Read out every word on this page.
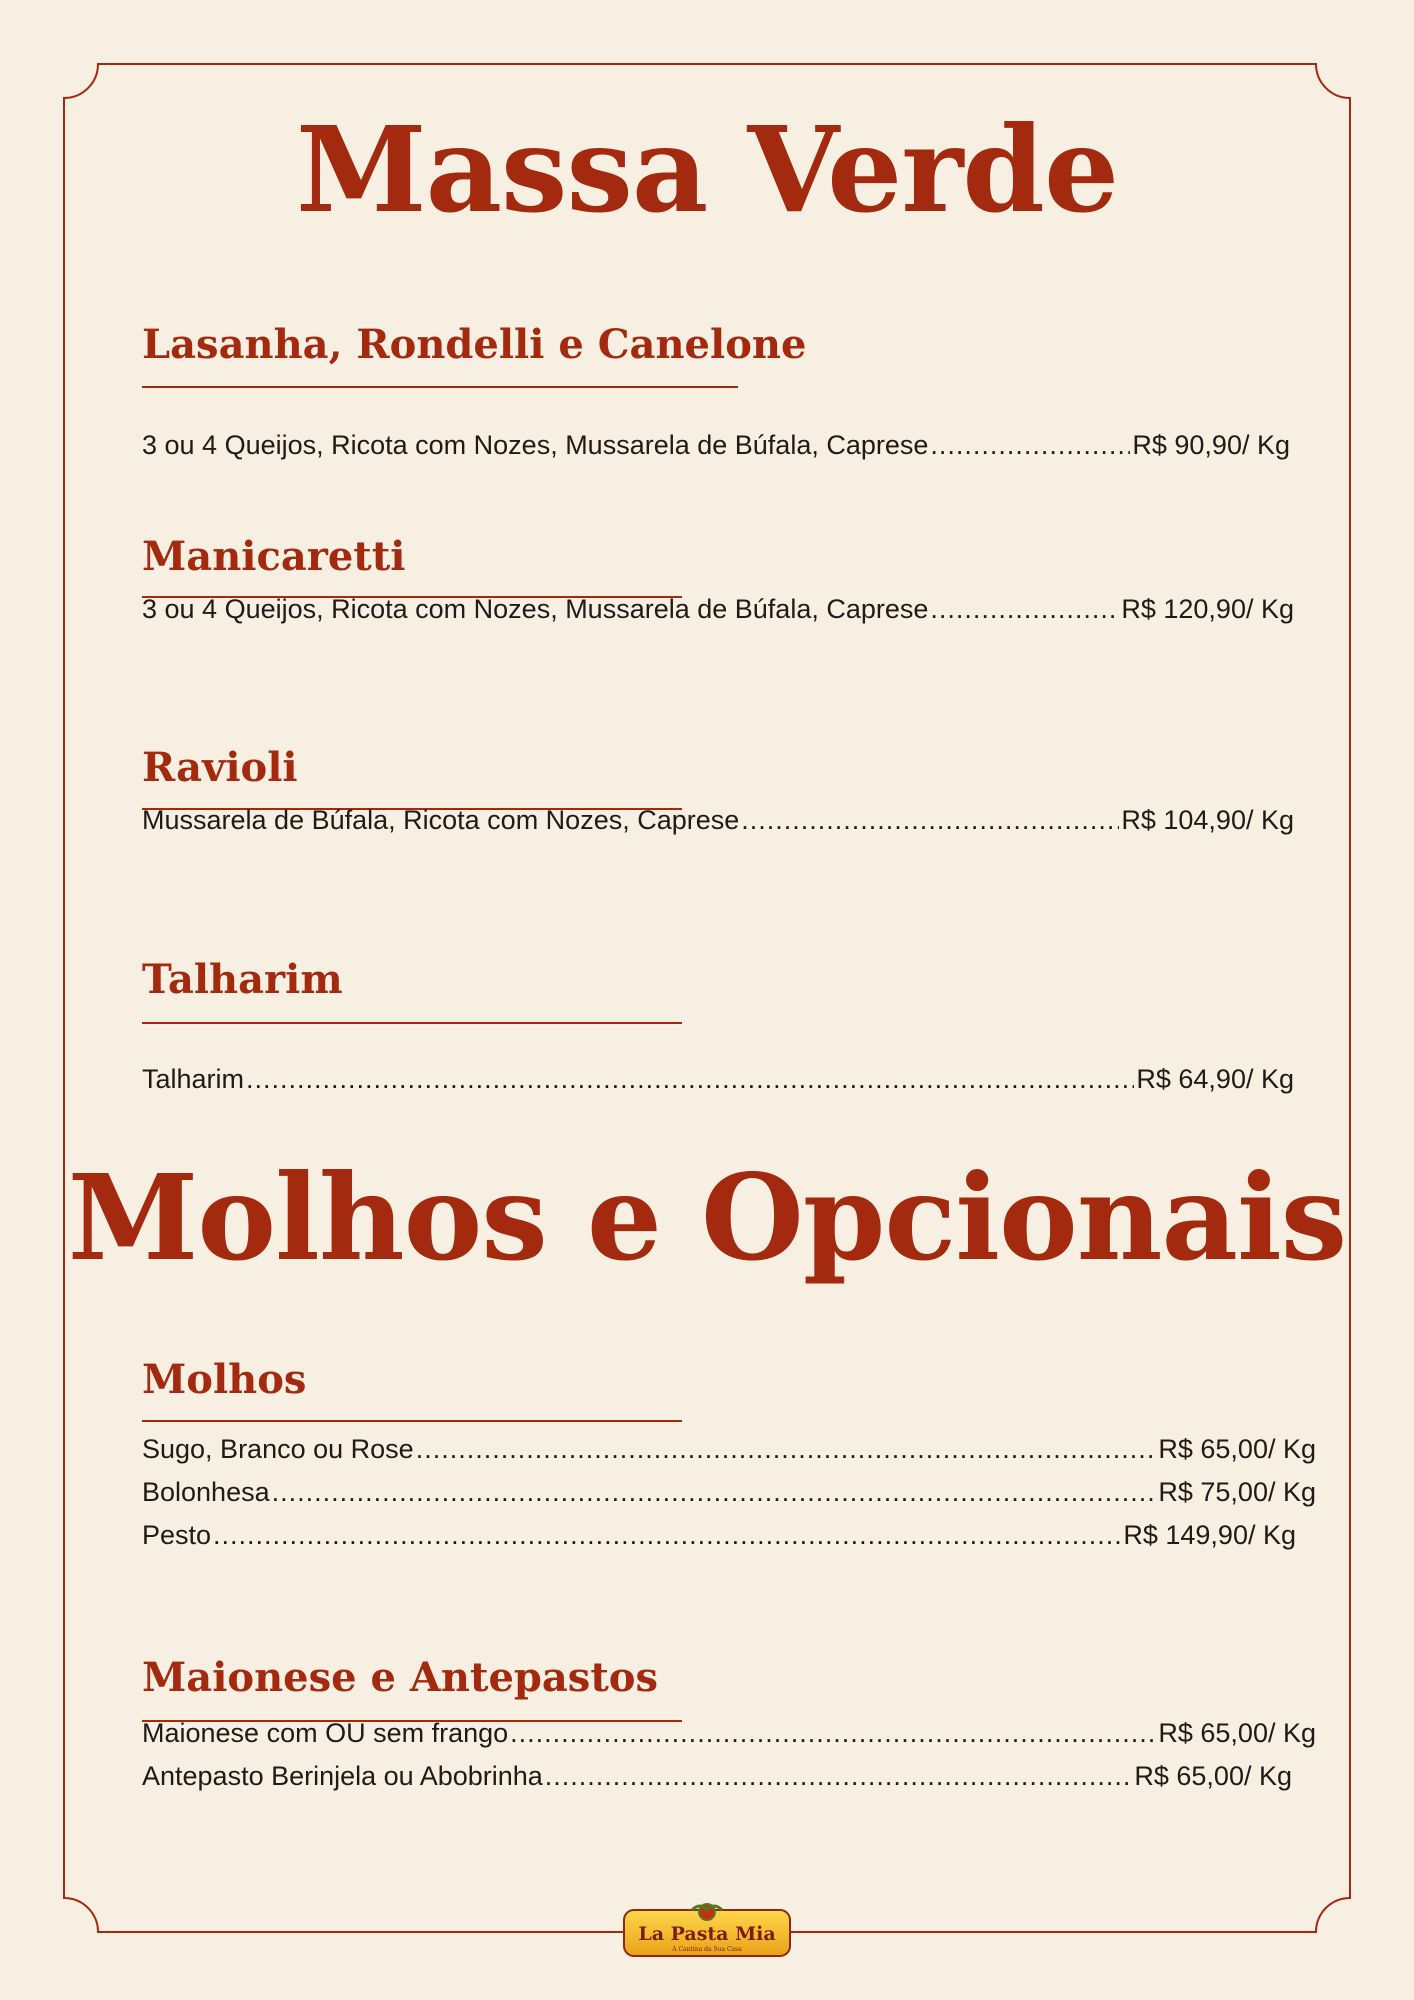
Massa Verde
Lasanha, Rondelli e Canelone
3 ou 4 Queijos, Ricota com Nozes, Mussarela de Búfala, Caprese .....	R$ 90,90/ Kg
Manicaretti
3 ou 4 Queijos, Ricota com Nozes, Mussarela de Búfala, Caprese .....	R$ 120,90/ Kg
Ravioli
Mussarela de Búfala, Ricota com Nozes, Caprese .....	R$ 104,90/ Kg
Talharim
Talharim .....	R$ 64,90/ Kg
Molhos e Opcionais
Molhos
Sugo, Branco ou Rose .....	R$ 65,00/ Kg
Bolonhesa .....	R$ 75,00/ Kg
Pesto .....	R$ 149,90/ Kg
Maionese e Antepastos
Maionese com OU sem frango .....	R$ 65,00/ Kg
Antepasto Berinjela ou Abobrinha .....	R$ 65,00/ Kg
La Pasta Mia
A Cantina da Sua Casa
